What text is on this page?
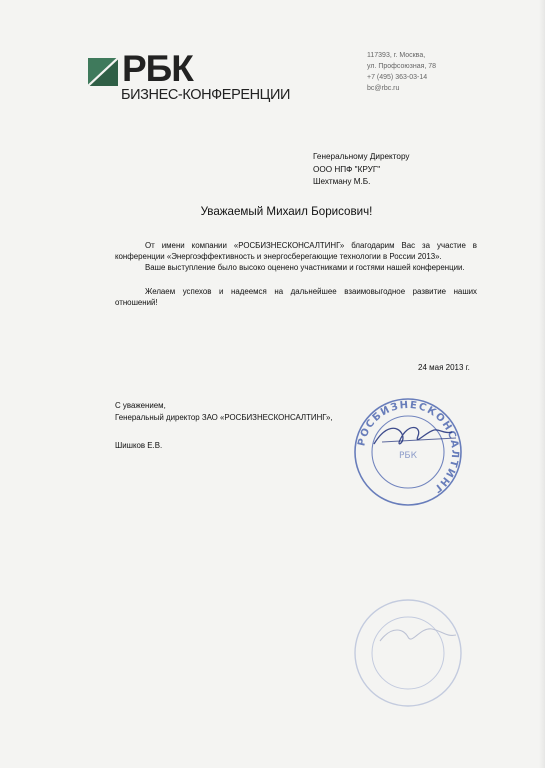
РБК
БИЗНЕС-КОНФЕРЕНЦИИ
117393, г. Москва,
ул. Профсоюзная, 78
+7 (495) 363-03-14
bc@rbc.ru
Генеральному Директору
ООО НПФ "КРУГ"
Шехтману М.Б.
Уважаемый Михаил Борисович!

От имени компании «РОСБИЗНЕСКОНСАЛТИНГ» благодарим Вас за участие в конференции «Энергоэффективность и энергосберегающие технологии в России 2013».

Ваше выступление было высоко оценено участниками и гостями нашей конференции.

Желаем успехов и надеемся на дальнейшее взаимовыгодное развитие наших отношений!

24 мая 2013 г.
С уважением,
Генеральный директор ЗАО «РОСБИЗНЕСКОНСАЛТИНГ»,
Шишков Е.В.	РОСБИЗНЕСКОНСАЛТИНГ
РБК
